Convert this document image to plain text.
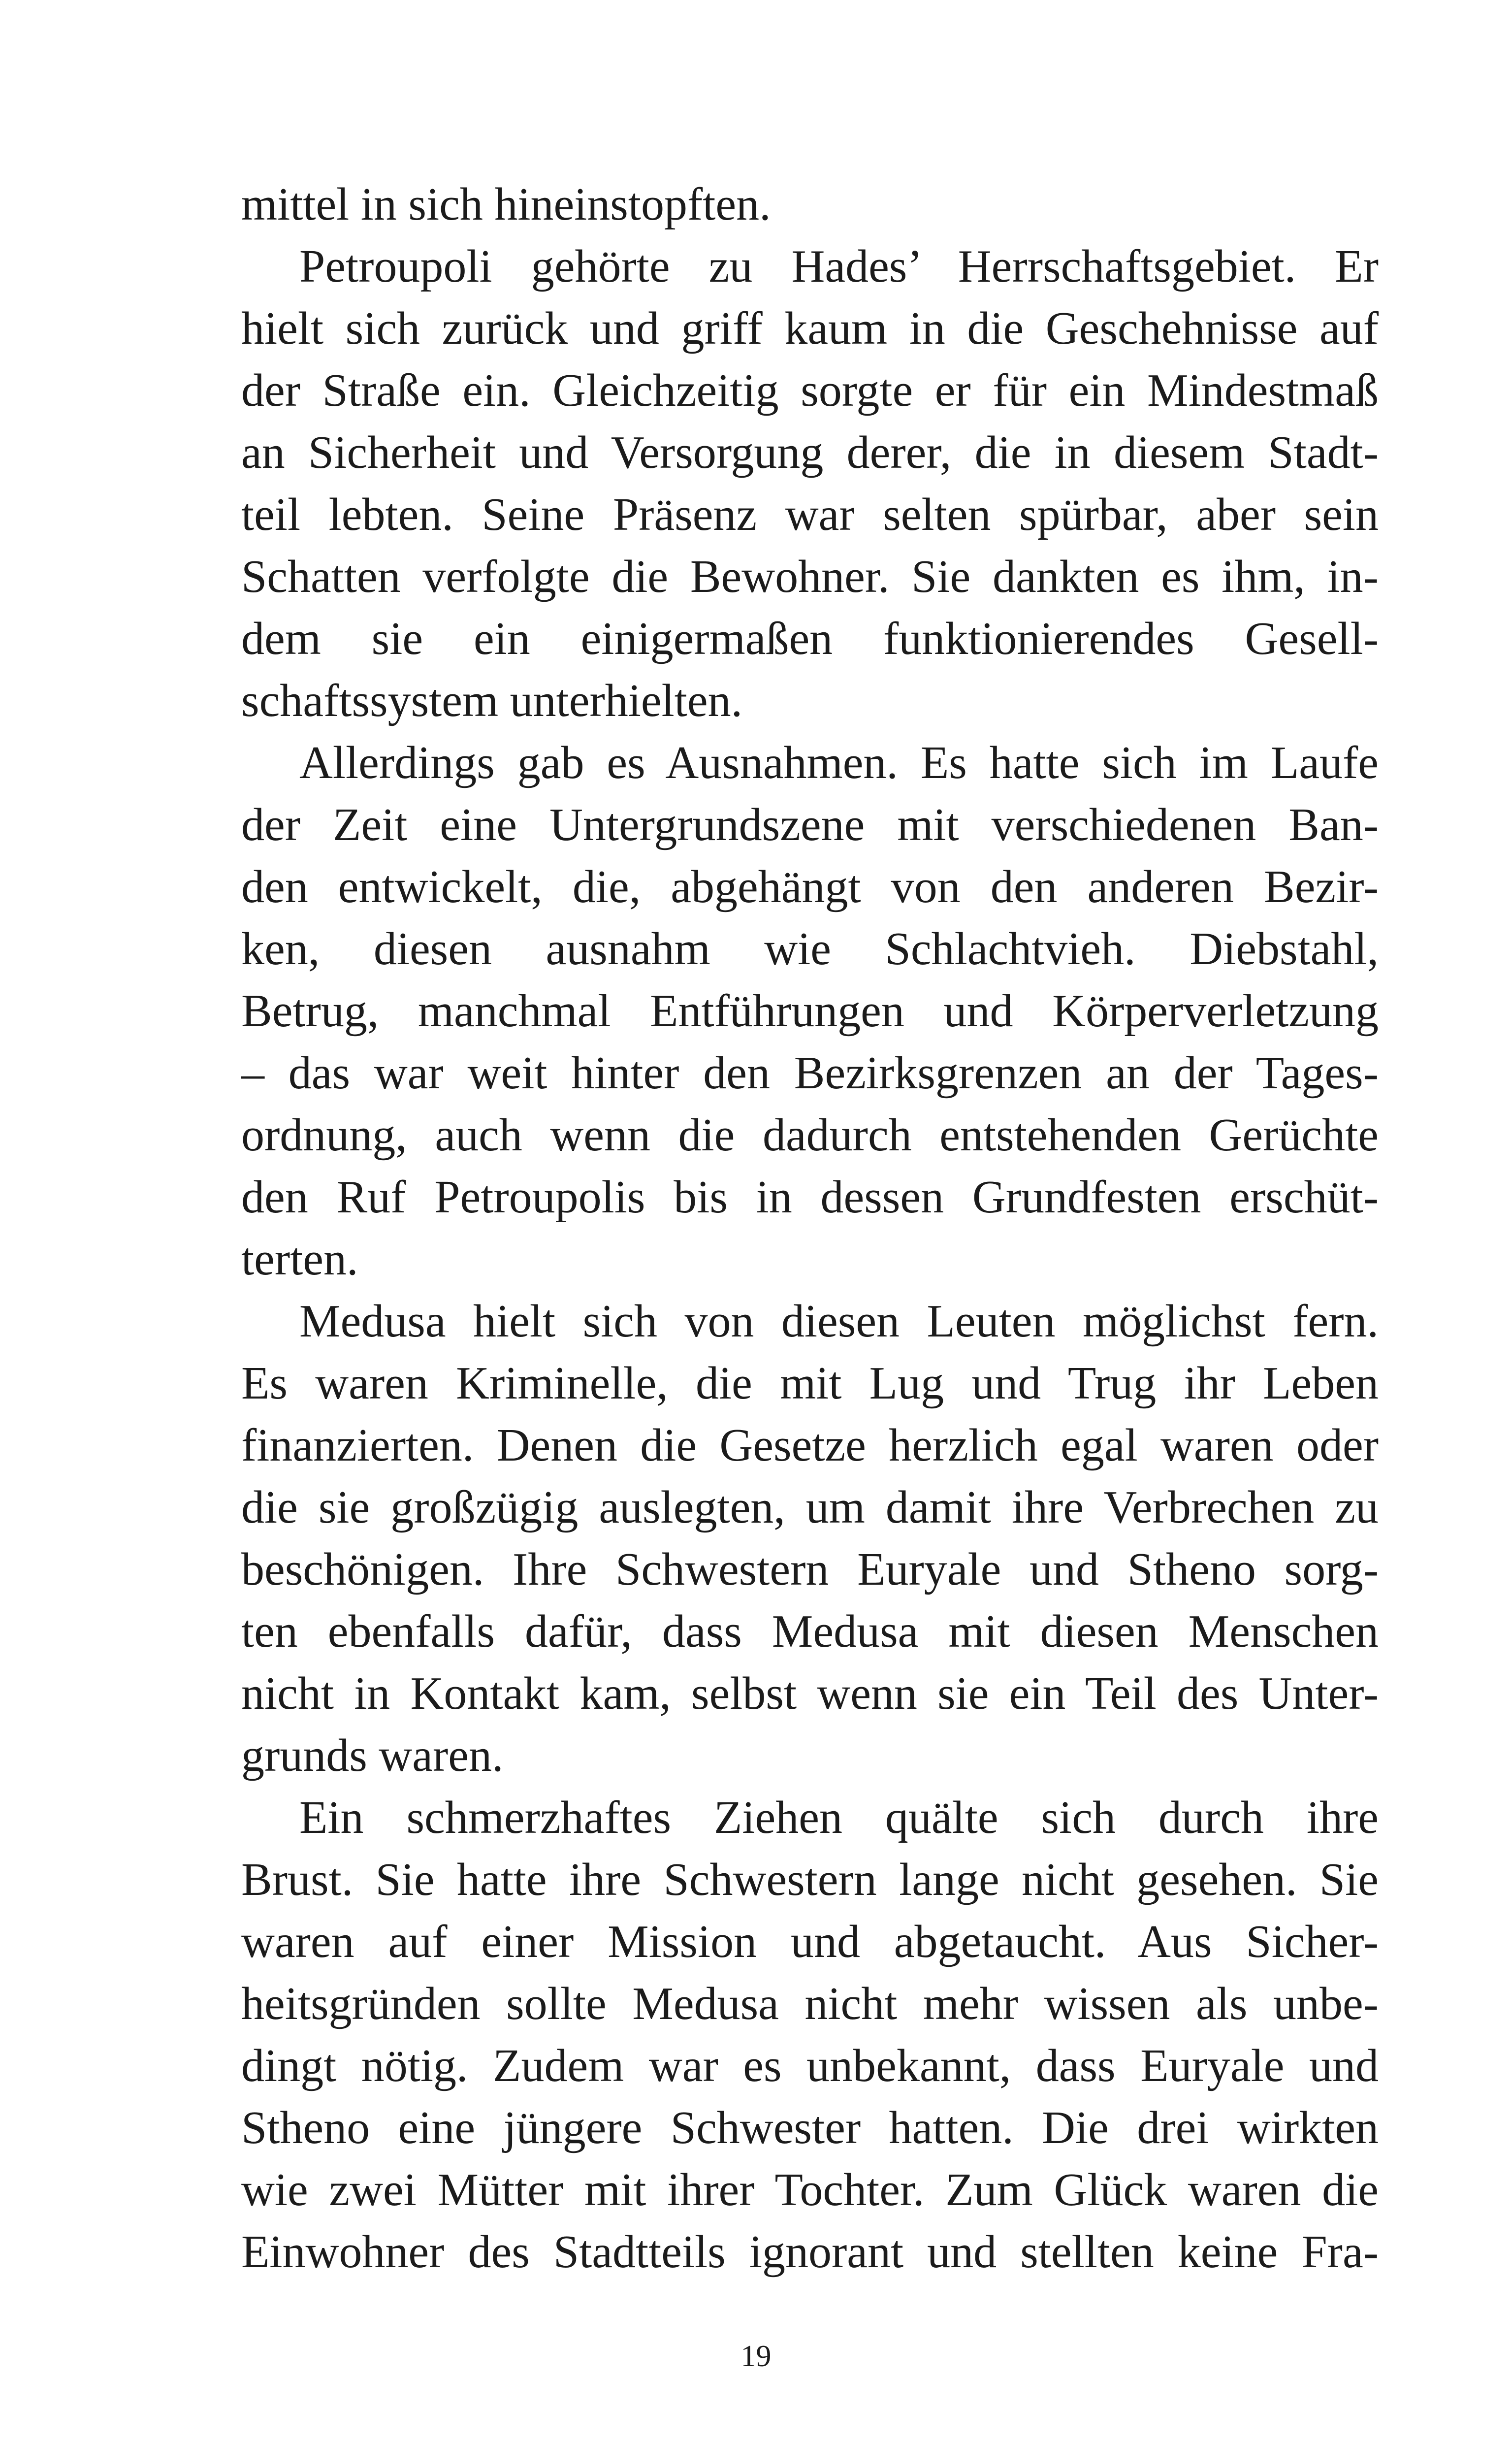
mittel in sich hineinstopften.
Petroupoli gehörte zu Hades’ Herrschaftsgebiet. Er
hielt sich zurück und griff kaum in die Geschehnisse auf
der Straße ein. Gleichzeitig sorgte er für ein Mindestmaß
an Sicherheit und Versorgung derer, die in diesem Stadt-
teil lebten. Seine Präsenz war selten spürbar, aber sein
Schatten verfolgte die Bewohner. Sie dankten es ihm, in-
dem sie ein einigermaßen funktionierendes Gesell-
schaftssystem unterhielten.
Allerdings gab es Ausnahmen. Es hatte sich im Laufe
der Zeit eine Untergrundszene mit verschiedenen Ban-
den entwickelt, die, abgehängt von den anderen Bezir-
ken, diesen ausnahm wie Schlachtvieh. Diebstahl,
Betrug, manchmal Entführungen und Körperverletzung
– das war weit hinter den Bezirksgrenzen an der Tages-
ordnung, auch wenn die dadurch entstehenden Gerüchte
den Ruf Petroupolis bis in dessen Grundfesten erschüt-
terten.
Medusa hielt sich von diesen Leuten möglichst fern.
Es waren Kriminelle, die mit Lug und Trug ihr Leben
finanzierten. Denen die Gesetze herzlich egal waren oder
die sie großzügig auslegten, um damit ihre Verbrechen zu
beschönigen. Ihre Schwestern Euryale und Stheno sorg-
ten ebenfalls dafür, dass Medusa mit diesen Menschen
nicht in Kontakt kam, selbst wenn sie ein Teil des Unter-
grunds waren.
Ein schmerzhaftes Ziehen quälte sich durch ihre
Brust. Sie hatte ihre Schwestern lange nicht gesehen. Sie
waren auf einer Mission und abgetaucht. Aus Sicher-
heitsgründen sollte Medusa nicht mehr wissen als unbe-
dingt nötig. Zudem war es unbekannt, dass Euryale und
Stheno eine jüngere Schwester hatten. Die drei wirkten
wie zwei Mütter mit ihrer Tochter. Zum Glück waren die
Einwohner des Stadtteils ignorant und stellten keine Fra-
19
